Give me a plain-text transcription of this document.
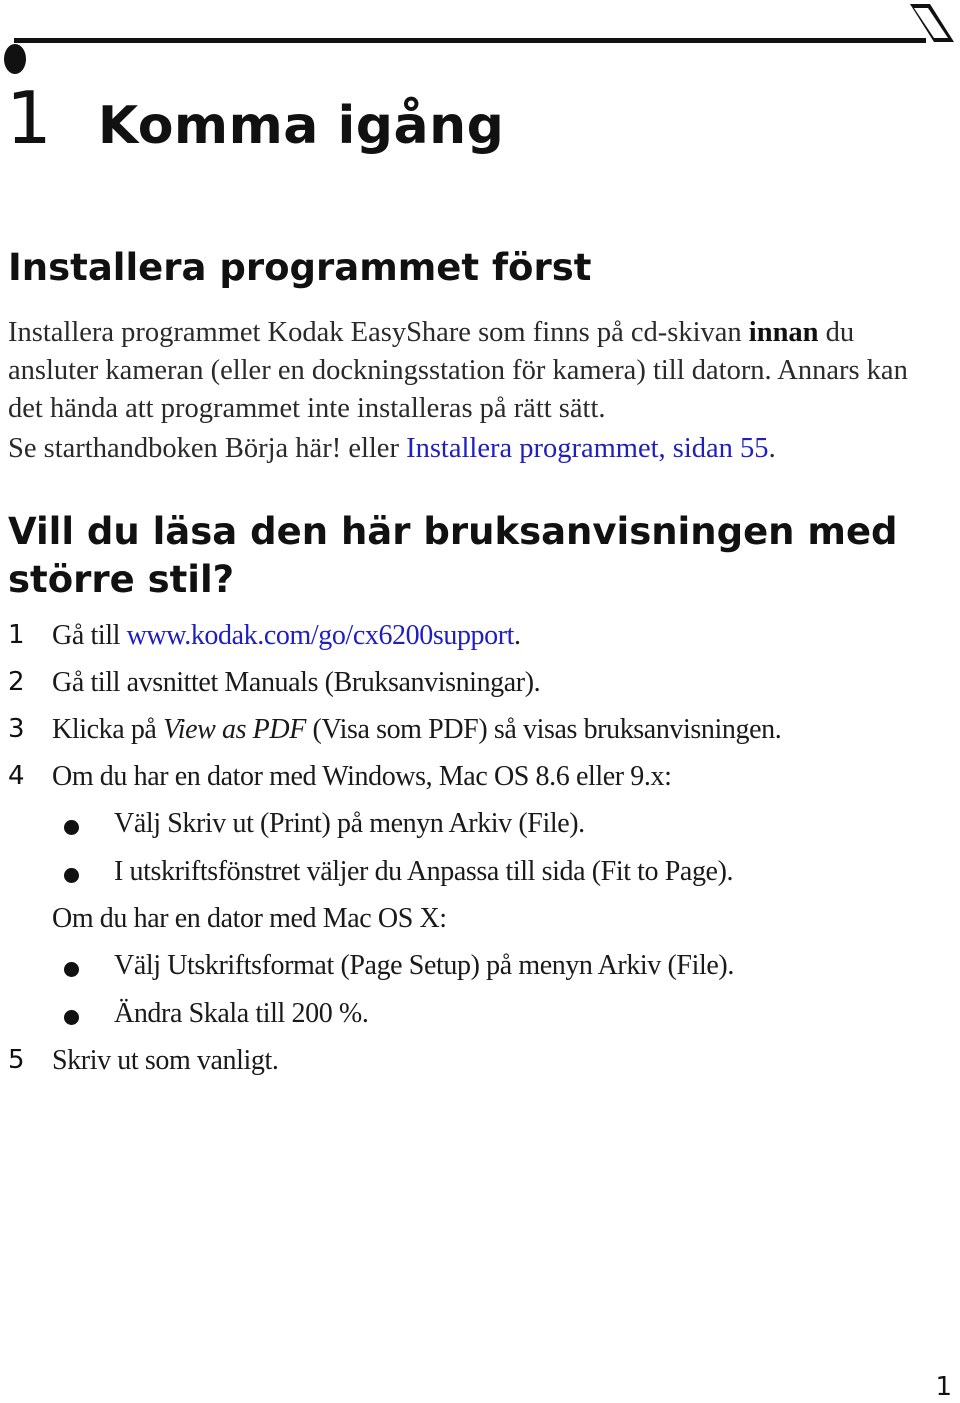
1 Komma igång
Installera programmet först

Installera programmet Kodak EasyShare som finns på cd-skivan innan du ansluter kameran (eller en dockningsstation för kamera) till datorn. Annars kan det hända att programmet inte installeras på rätt sätt.

Se starthandboken Börja här! eller Installera programmet, sidan 55.

Vill du läsa den här bruksanvisningen med större stil?
1 Gå till www.kodak.com/go/cx6200support.
2 Gå till avsnittet Manuals (Bruksanvisningar).
3 Klicka på View as PDF (Visa som PDF) så visas bruksanvisningen.
4 Om du har en dator med Windows, Mac OS 8.6 eller 9.x:
Välj Skriv ut (Print) på menyn Arkiv (File).
I utskriftsfönstret väljer du Anpassa till sida (Fit to Page).
Om du har en dator med Mac OS X:
Välj Utskriftsformat (Page Setup) på menyn Arkiv (File).
Ändra Skala till 200 %.
5 Skriv ut som vanligt.
1
